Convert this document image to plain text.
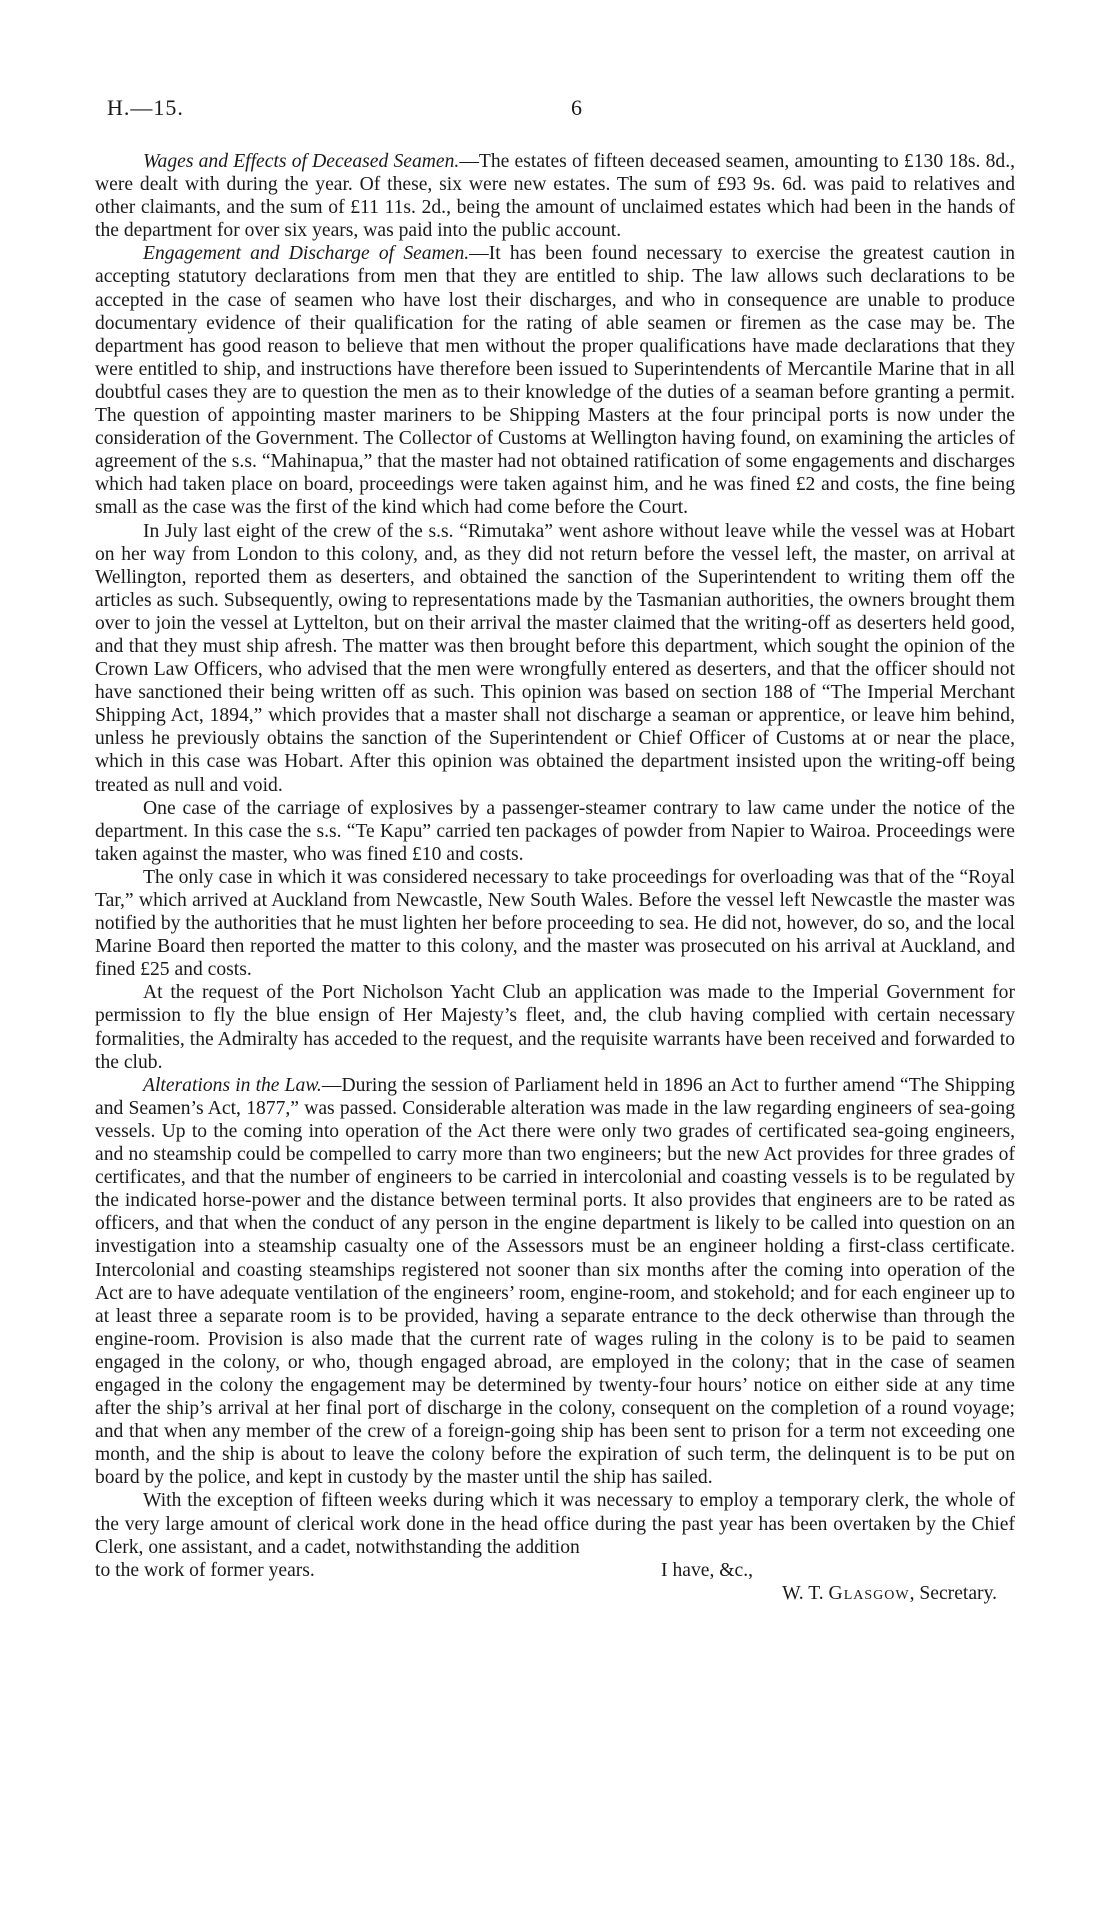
H.—15.	6

Wages and Effects of Deceased Seamen.—The estates of fifteen deceased seamen, amounting to £130 18s. 8d., were dealt with during the year. Of these, six were new estates. The sum of £93 9s. 6d. was paid to relatives and other claimants, and the sum of £11 11s. 2d., being the amount of unclaimed estates which had been in the hands of the department for over six years, was paid into the public account.

Engagement and Discharge of Seamen.—It has been found necessary to exercise the greatest caution in accepting statutory declarations from men that they are entitled to ship. The law allows such declarations to be accepted in the case of seamen who have lost their discharges, and who in consequence are unable to produce documentary evidence of their qualification for the rating of able seamen or firemen as the case may be. The department has good reason to believe that men without the proper qualifications have made declarations that they were entitled to ship, and instructions have therefore been issued to Superintendents of Mercantile Marine that in all doubtful cases they are to question the men as to their knowledge of the duties of a seaman before granting a permit. The question of appointing master mariners to be Shipping Masters at the four principal ports is now under the consideration of the Government. The Collector of Customs at Wellington having found, on examining the articles of agreement of the s.s. “Mahinapua,” that the master had not obtained ratification of some engagements and discharges which had taken place on board, proceedings were taken against him, and he was fined £2 and costs, the fine being small as the case was the first of the kind which had come before the Court.

In July last eight of the crew of the s.s. “Rimutaka” went ashore without leave while the vessel was at Hobart on her way from London to this colony, and, as they did not return before the vessel left, the master, on arrival at Wellington, reported them as deserters, and obtained the sanction of the Superintendent to writing them off the articles as such. Subsequently, owing to representations made by the Tasmanian authorities, the owners brought them over to join the vessel at Lyttelton, but on their arrival the master claimed that the writing-off as deserters held good, and that they must ship afresh. The matter was then brought before this department, which sought the opinion of the Crown Law Officers, who advised that the men were wrongfully entered as deserters, and that the officer should not have sanctioned their being written off as such. This opinion was based on section 188 of “The Imperial Merchant Shipping Act, 1894,” which provides that a master shall not discharge a seaman or apprentice, or leave him behind, unless he previously obtains the sanction of the Superintendent or Chief Officer of Customs at or near the place, which in this case was Hobart. After this opinion was obtained the department insisted upon the writing-off being treated as null and void.

One case of the carriage of explosives by a passenger-steamer contrary to law came under the notice of the department. In this case the s.s. “Te Kapu” carried ten packages of powder from Napier to Wairoa. Proceedings were taken against the master, who was fined £10 and costs.

The only case in which it was considered necessary to take proceedings for overloading was that of the “Royal Tar,” which arrived at Auckland from Newcastle, New South Wales. Before the vessel left Newcastle the master was notified by the authorities that he must lighten her before proceeding to sea. He did not, however, do so, and the local Marine Board then reported the matter to this colony, and the master was prosecuted on his arrival at Auckland, and fined £25 and costs.

At the request of the Port Nicholson Yacht Club an application was made to the Imperial Government for permission to fly the blue ensign of Her Majesty’s fleet, and, the club having complied with certain necessary formalities, the Admiralty has acceded to the request, and the requisite warrants have been received and forwarded to the club.

Alterations in the Law.—During the session of Parliament held in 1896 an Act to further amend “The Shipping and Seamen’s Act, 1877,” was passed. Considerable alteration was made in the law regarding engineers of sea-going vessels. Up to the coming into operation of the Act there were only two grades of certificated sea-going engineers, and no steamship could be compelled to carry more than two engineers; but the new Act provides for three grades of certificates, and that the number of engineers to be carried in intercolonial and coasting vessels is to be regulated by the indicated horse-power and the distance between terminal ports. It also provides that engineers are to be rated as officers, and that when the conduct of any person in the engine department is likely to be called into question on an investigation into a steamship casualty one of the Assessors must be an engineer holding a first-class certificate. Intercolonial and coasting steamships registered not sooner than six months after the coming into operation of the Act are to have adequate ventilation of the engineers’ room, engine-room, and stokehold; and for each engineer up to at least three a separate room is to be provided, having a separate entrance to the deck otherwise than through the engine-room. Provision is also made that the current rate of wages ruling in the colony is to be paid to seamen engaged in the colony, or who, though engaged abroad, are employed in the colony; that in the case of seamen engaged in the colony the engagement may be determined by twenty-four hours’ notice on either side at any time after the ship’s arrival at her final port of discharge in the colony, consequent on the completion of a round voyage; and that when any member of the crew of a foreign-going ship has been sent to prison for a term not exceeding one month, and the ship is about to leave the colony before the expiration of such term, the delinquent is to be put on board by the police, and kept in custody by the master until the ship has sailed.

With the exception of fifteen weeks during which it was necessary to employ a temporary clerk, the whole of the very large amount of clerical work done in the head office during the past year has been overtaken by the Chief Clerk, one assistant, and a cadet, notwithstanding the addition

to the work of former years.	I have, &c.,
W. T. Glasgow, Secretary.
